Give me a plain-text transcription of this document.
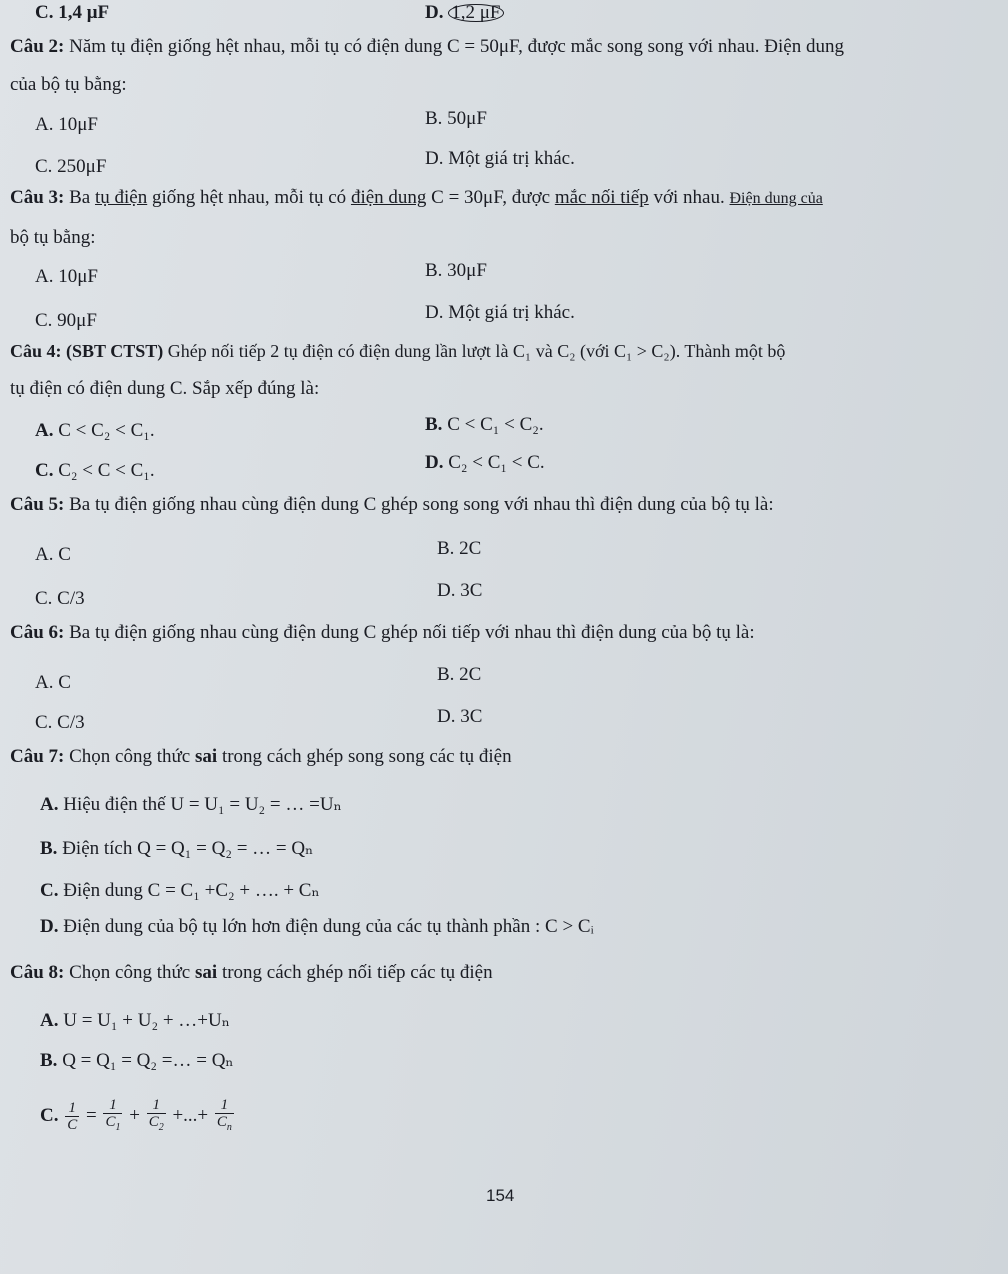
C. 1,4 μF	D. 1,2 μF
Câu 2: Năm tụ điện giống hệt nhau, mỗi tụ có điện dung C = 50μF, được mắc song song với nhau. Điện dung
của bộ tụ bằng:
A. 10μF	B. 50μF
C. 250μF	D. Một giá trị khác.
Câu 3: Ba tụ điện giống hệt nhau, mỗi tụ có điện dung C = 30μF, được mắc nối tiếp với nhau. Điện dung của
bộ tụ bằng:
A. 10μF	B. 30μF
C. 90μF	D. Một giá trị khác.
Câu 4: (SBT CTST) Ghép nối tiếp 2 tụ điện có điện dung lần lượt là C₁ và C₂ (với C₁ > C₂). Thành một bộ
tụ điện có điện dung C. Sắp xếp đúng là:
A. C < C₂ < C₁.	B. C < C₁ < C₂.
C. C₂ < C < C₁.	D. C₂ < C₁ < C.
Câu 5: Ba tụ điện giống nhau cùng điện dung C ghép song song với nhau thì điện dung của bộ tụ là:
A. C	B. 2C
C. C/3	D. 3C
Câu 6: Ba tụ điện giống nhau cùng điện dung C ghép nối tiếp với nhau thì điện dung của bộ tụ là:
A. C	B. 2C
C. C/3	D. 3C
Câu 7: Chọn công thức sai trong cách ghép song song các tụ điện
A. Hiệu điện thế U = U₁ = U₂ = … =Uₙ
B. Điện tích Q = Q₁ = Q₂ = … = Qₙ
C. Điện dung C = C₁ +C₂ + …. + Cₙ
D. Điện dung của bộ tụ lớn hơn điện dung của các tụ thành phần : C > Cᵢ
Câu 8: Chọn công thức sai trong cách ghép nối tiếp các tụ điện
A. U = U₁ + U₂ + …+Uₙ
B. Q = Q₁ = Q₂ =… = Qₙ
C. $\frac{1}{C} = \frac{1}{C_1} + \frac{1}{C_2}$ +...+ $\frac{1}{C_n}$
154
